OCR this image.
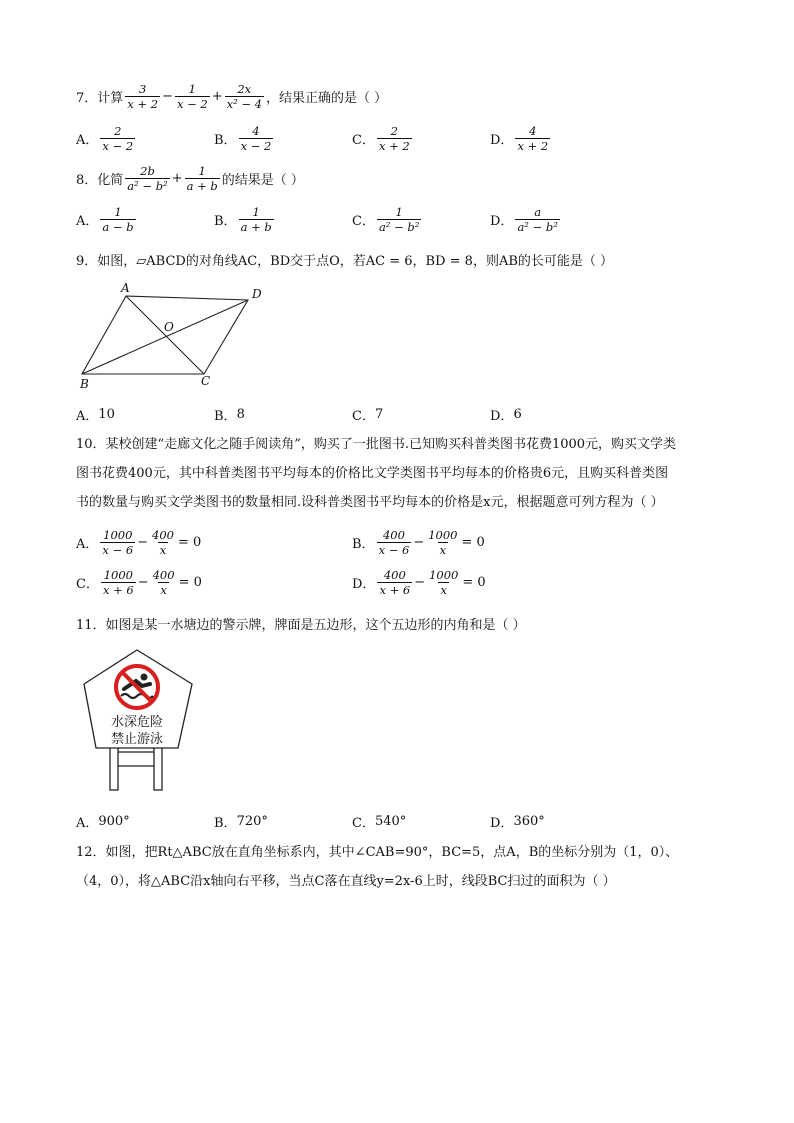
7．计算 $\frac{3}{x + 2} - \frac{1}{x - 2} + \frac{2x}{\text{x² − 4}}$ ，结果正确的是（ ）
A． $\frac{2}{x - 2}$	B． $\frac{4}{x - 2}$	C． $\frac{2}{x + 2}$	D． $\frac{4}{x + 2}$
8．化简 $\frac{2b}{\text{a² − b²}} + \frac{1}{a + b}$ 的结果是（ ）
A． $\frac{1}{a - b}$	B． $\frac{1}{a + b}$	C． $\frac{1}{\text{a² − b²}}$	D． $\frac{a}{\text{a² − b²}}$
9．如图，▱ABCD的对角线AC，BD交于点O，若AC = 6，BD = 8，则AB的长可能是（ ）
A	D
O
B	C
A． 10	B． 8	C． 7	D． 6
10．某校创建“走廊文化之随手阅读角”，购买了一批图书.已知购买科普类图书花费1000元，购买文学类
图书花费400元，其中科普类图书平均每本的价格比文学类图书平均每本的价格贵6元，且购买科普类图
书的数量与购买文学类图书的数量相同.设科普类图书平均每本的价格是x元，根据题意可列方程为（ ）
A． $\frac{1000}{x - 6} - \frac{400}{x} = 0$	B． $\frac{400}{x - 6} - \frac{1000}{x} = 0$
C． $\frac{1000}{x + 6} - \frac{400}{x} = 0$	D． $\frac{400}{x + 6} - \frac{1000}{x} = 0$
11．如图是某一水塘边的警示牌，牌面是五边形，这个五边形的内角和是（ ）
水深危险
禁止游泳
A． 900°	B． 720°	C． 540°	D． 360°
12．如图，把Rt△ABC放在直角坐标系内，其中∠CAB=90°，BC=5，点A，B的坐标分别为（1，0）、
（4，0），将△ABC沿x轴向右平移，当点C落在直线y=2x-6上时，线段BC扫过的面积为（ ）
